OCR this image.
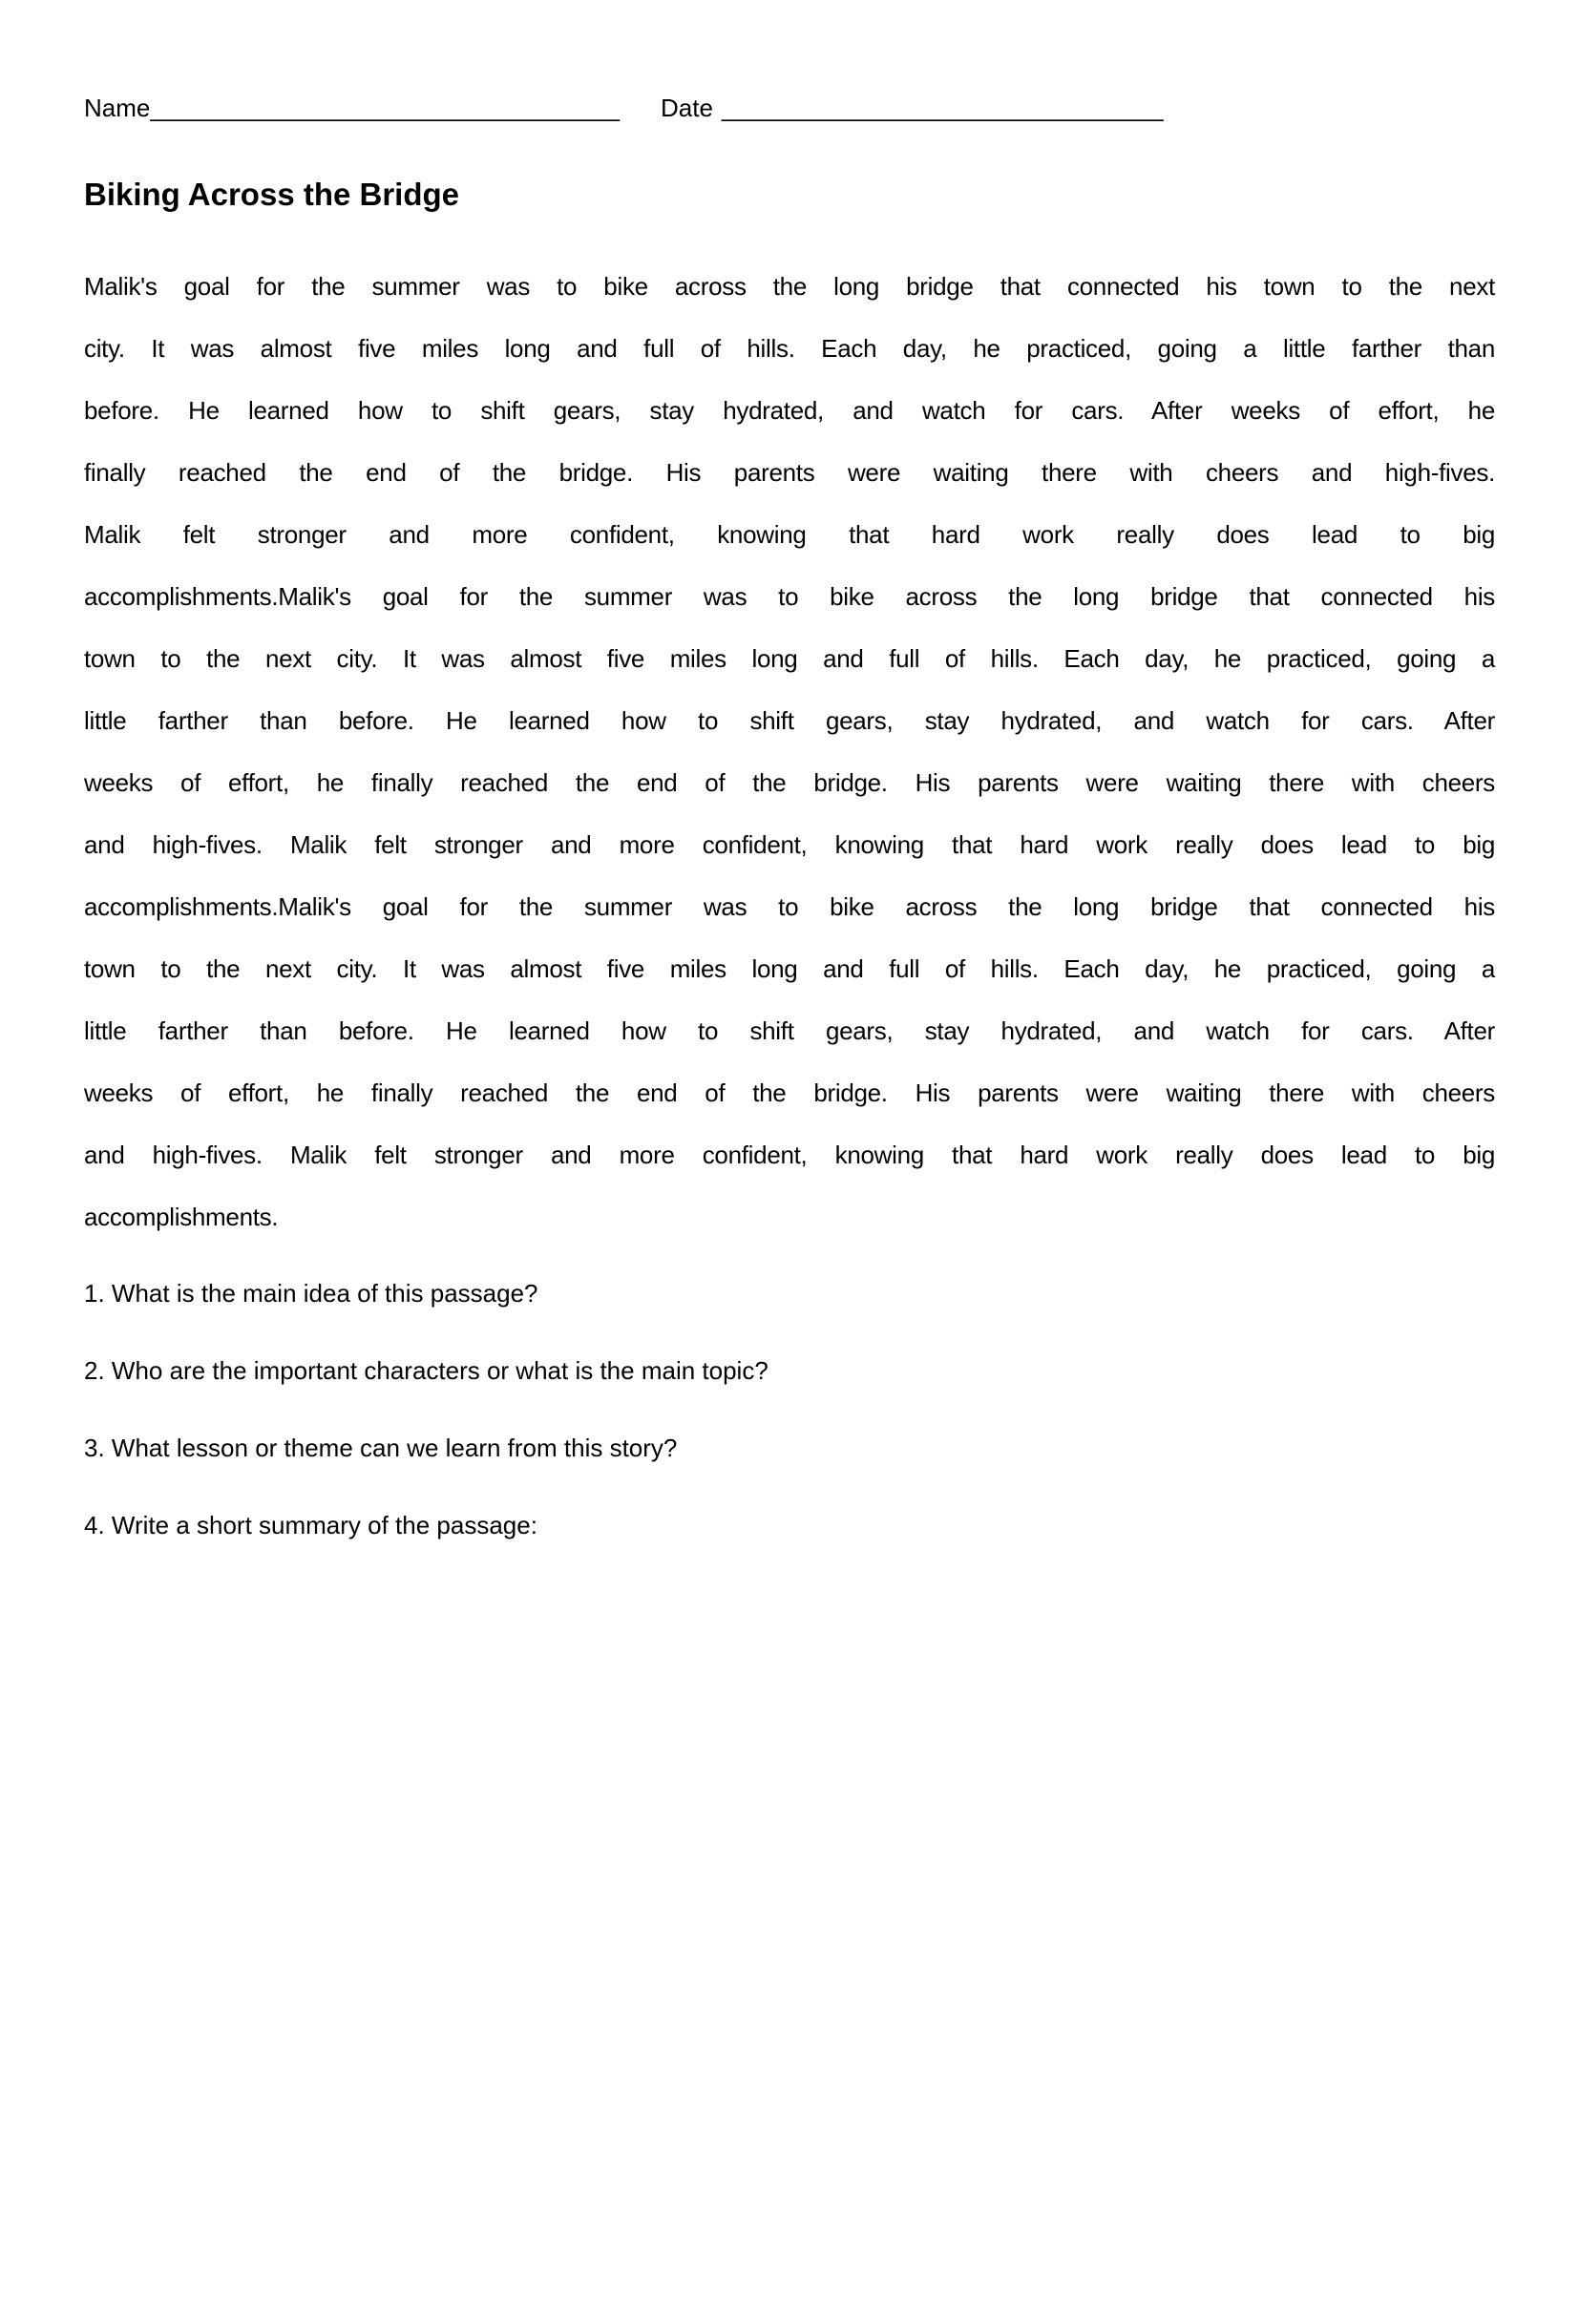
Name__________________________________ Date ________________________________
Biking Across the Bridge
Malik's goal for the summer was to bike across the long bridge that connected his town to the next
city. It was almost five miles long and full of hills. Each day, he practiced, going a little farther than
before. He learned how to shift gears, stay hydrated, and watch for cars. After weeks of effort, he
finally reached the end of the bridge. His parents were waiting there with cheers and high-fives.
Malik felt stronger and more confident, knowing that hard work really does lead to big
accomplishments.Malik's goal for the summer was to bike across the long bridge that connected his
town to the next city. It was almost five miles long and full of hills. Each day, he practiced, going a
little farther than before. He learned how to shift gears, stay hydrated, and watch for cars. After
weeks of effort, he finally reached the end of the bridge. His parents were waiting there with cheers
and high-fives. Malik felt stronger and more confident, knowing that hard work really does lead to big
accomplishments.Malik's goal for the summer was to bike across the long bridge that connected his
town to the next city. It was almost five miles long and full of hills. Each day, he practiced, going a
little farther than before. He learned how to shift gears, stay hydrated, and watch for cars. After
weeks of effort, he finally reached the end of the bridge. His parents were waiting there with cheers
and high-fives. Malik felt stronger and more confident, knowing that hard work really does lead to big
accomplishments.
1. What is the main idea of this passage?
2. Who are the important characters or what is the main topic?
3. What lesson or theme can we learn from this story?
4. Write a short summary of the passage:
